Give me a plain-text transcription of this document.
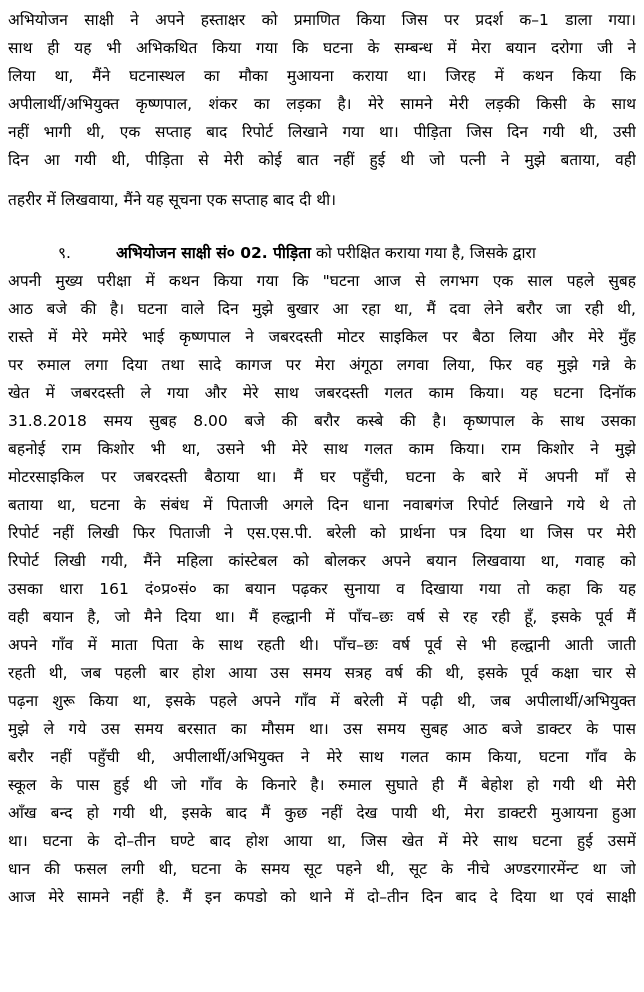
अभियोजन साक्षी ने अपने हस्ताक्षर को प्रमाणित किया जिस पर प्रदर्श क–1 डाला गया।
साथ ही यह भी अभिकथित किया गया कि घटना के सम्बन्ध में मेरा बयान दरोगा जी ने
लिया था, मैंने घटनास्थल का मौका मुआयना कराया था। जिरह में कथन किया कि
अपीलार्थी/अभियुक्त कृष्णपाल, शंकर का लड़का है। मेरे सामने मेरी लड़की किसी के साथ
नहीं भागी थी, एक सप्ताह बाद रिपोर्ट लिखाने गया था। पीड़िता जिस दिन गयी थी, उसी
दिन आ गयी थी, पीड़िता से मेरी कोई बात नहीं हुई थी जो पत्नी ने मुझे बताया, वही
तहरीर में लिखवाया, मैंने यह सूचना एक सप्ताह बाद दी थी।
९.	अभियोजन साक्षी सं० 02. पीड़िता को परीक्षित कराया गया है, जिसके द्वारा
अपनी मुख्य परीक्षा में कथन किया गया कि "घटना आज से लगभग एक साल पहले सुबह
आठ बजे की है। घटना वाले दिन मुझे बुखार आ रहा था, मैं दवा लेने बरौर जा रही थी,
रास्ते में मेरे ममेरे भाई कृष्णपाल ने जबरदस्ती मोटर साइकिल पर बैठा लिया और मेरे मुँह
पर रुमाल लगा दिया तथा सादे कागज पर मेरा अंगूठा लगवा लिया, फिर वह मुझे गन्ने के
खेत में जबरदस्ती ले गया और मेरे साथ जबरदस्ती गलत काम किया। यह घटना दिनॉक
31.8.2018 समय सुबह 8.00 बजे की बरौर कस्बे की है। कृष्णपाल के साथ उसका
बहनोई राम किशोर भी था, उसने भी मेरे साथ गलत काम किया। राम किशोर ने मुझे
मोटरसाइकिल पर जबरदस्ती बैठाया था। मैं घर पहुँची, घटना के बारे में अपनी माँ से
बताया था, घटना के संबंध में पिताजी अगले दिन धाना नवाबगंज रिपोर्ट लिखाने गये थे तो
रिपोर्ट नहीं लिखी फिर पिताजी ने एस.एस.पी. बरेली को प्रार्थना पत्र दिया था जिस पर मेरी
रिपोर्ट लिखी गयी, मैंने महिला कांस्टेबल को बोलकर अपने बयान लिखवाया था, गवाह को
उसका धारा 161 दं०प्र०सं० का बयान पढ़कर सुनाया व दिखाया गया तो कहा कि यह
वही बयान है, जो मैने दिया था। मैं हल्द्वानी में पाँच–छः वर्ष से रह रही हूँ, इसके पूर्व मैं
अपने गाँव में माता पिता के साथ रहती थी। पाँच–छः वर्ष पूर्व से भी हल्द्वानी आती जाती
रहती थी, जब पहली बार होश आया उस समय सत्रह वर्ष की थी, इसके पूर्व कक्षा चार से
पढ़ना शुरू किया था, इसके पहले अपने गाँव में बरेली में पढ़ी थी, जब अपीलार्थी/अभियुक्त
मुझे ले गये उस समय बरसात का मौसम था। उस समय सुबह आठ बजे डाक्टर के पास
बरौर नहीं पहुँची थी, अपीलार्थी/अभियुक्त ने मेरे साथ गलत काम किया, घटना गाँव के
स्कूल के पास हुई थी जो गाँव के किनारे है। रुमाल सुघाते ही मैं बेहोश हो गयी थी मेरी
आँख बन्द हो गयी थी, इसके बाद मैं कुछ नहीं देख पायी थी, मेरा डाक्टरी मुआयना हुआ
था। घटना के दो–तीन घण्टे बाद होश आया था, जिस खेत में मेरे साथ घटना हुई उसमें
धान की फसल लगी थी, घटना के समय सूट पहने थी, सूट के नीचे अण्डरगारमेंन्ट था जो
आज मेरे सामने नहीं है. मैं इन कपडो को थाने में दो–तीन दिन बाद दे दिया था एवं साक्षी
